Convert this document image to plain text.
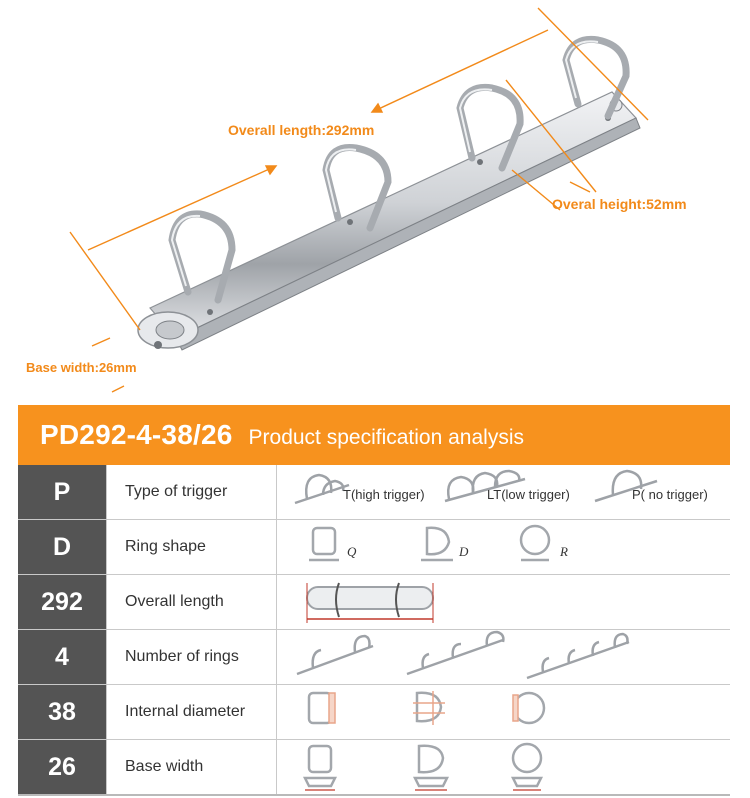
Overall length:292mm
Overal height:52mm
Base width:26mm
PD292-4-38/26 Product specification analysis
P	Type of trigger	T(high trigger)	LT(low trigger)	P( no trigger)
D	Ring shape	Q	D	R
292	Overall length
4	Number of rings
38	Internal diameter
26	Base width
